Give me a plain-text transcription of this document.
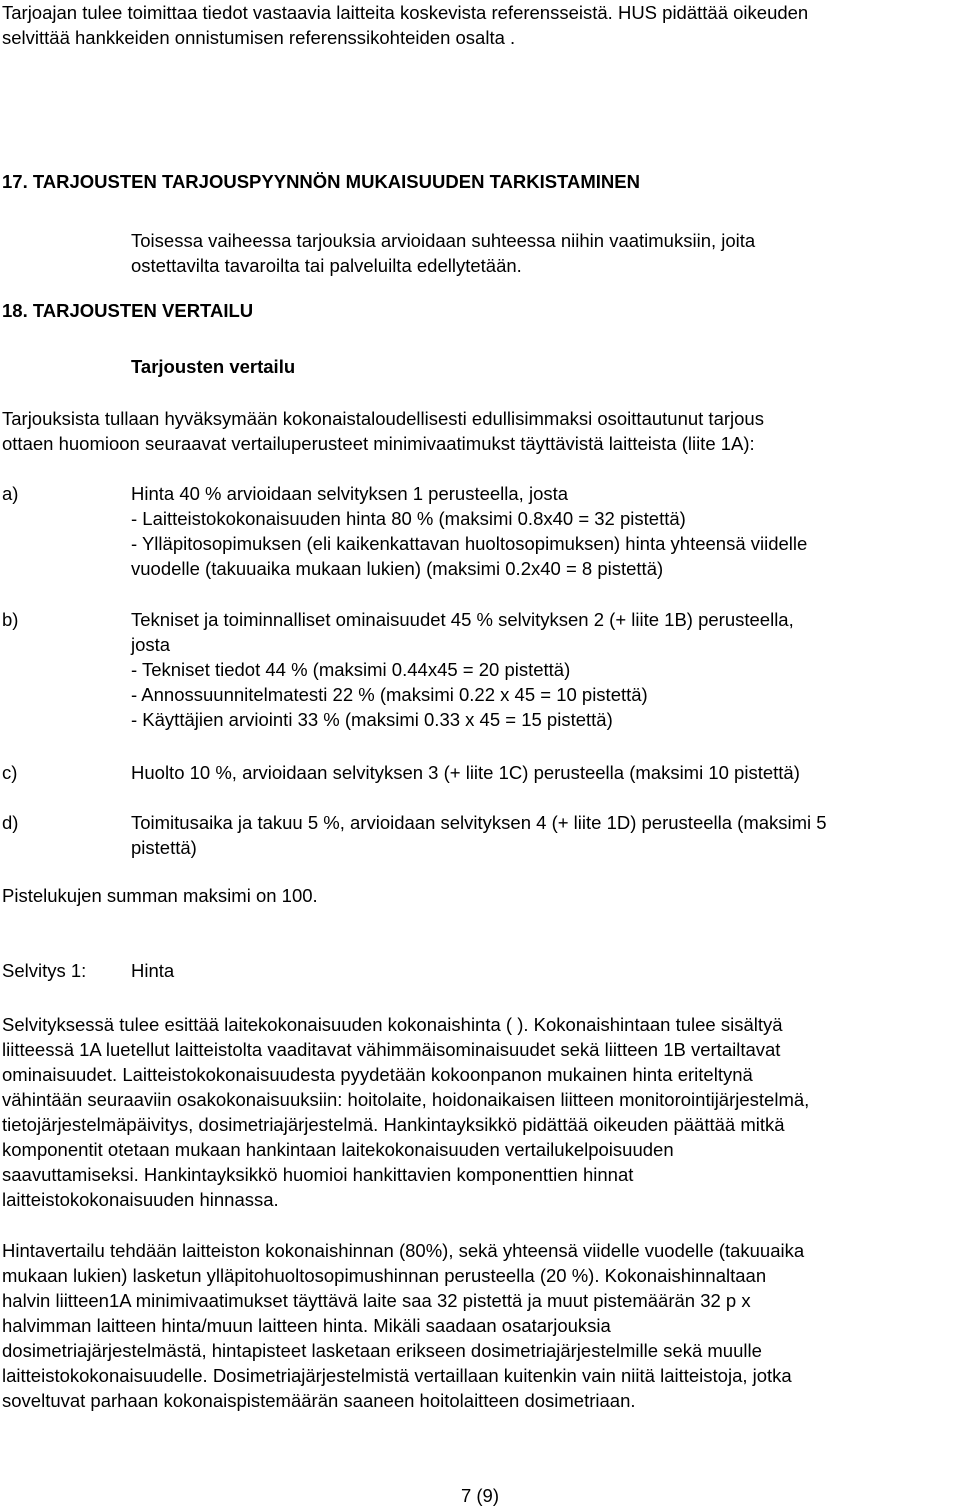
Tarjoajan tulee toimittaa tiedot vastaavia laitteita koskevista referensseistä. HUS pidättää oikeuden
selvittää hankkeiden onnistumisen referenssikohteiden osalta .
17. TARJOUSTEN TARJOUSPYYNNÖN MUKAISUUDEN TARKISTAMINEN
Toisessa vaiheessa tarjouksia arvioidaan suhteessa niihin vaatimuksiin, joita
ostettavilta tavaroilta tai palveluilta edellytetään.
18. TARJOUSTEN VERTAILU
Tarjousten vertailu
Tarjouksista tullaan hyväksymään kokonaistaloudellisesti edullisimmaksi osoittautunut tarjous
ottaen huomioon seuraavat vertailuperusteet minimivaatimukst täyttävistä laitteista (liite 1A):
a)	Hinta 40 % arvioidaan selvityksen 1 perusteella, josta
- Laitteistokokonaisuuden hinta 80 % (maksimi 0.8x40 = 32 pistettä)
- Ylläpitosopimuksen (eli kaikenkattavan huoltosopimuksen) hinta yhteensä viidelle
vuodelle (takuuaika mukaan lukien) (maksimi 0.2x40 = 8 pistettä)
b)	Tekniset ja toiminnalliset ominaisuudet 45 % selvityksen 2 (+ liite 1B) perusteella,
josta
- Tekniset tiedot 44 % (maksimi 0.44x45 = 20 pistettä)
- Annossuunnitelmatesti 22 % (maksimi 0.22 x 45 = 10 pistettä)
- Käyttäjien arviointi 33 % (maksimi 0.33 x 45 = 15 pistettä)
c)	Huolto 10 %, arvioidaan selvityksen 3 (+ liite 1C) perusteella (maksimi 10 pistettä)
d)	Toimitusaika ja takuu 5 %, arvioidaan selvityksen 4 (+ liite 1D) perusteella (maksimi 5
pistettä)
Pistelukujen summan maksimi on 100.
Selvitys 1: Hinta
Selvityksessä tulee esittää laitekokonaisuuden kokonaishinta ( ). Kokonaishintaan tulee sisältyä
liitteessä 1A luetellut laitteistolta vaaditavat vähimmäisominaisuudet sekä liitteen 1B vertailtavat
ominaisuudet. Laitteistokokonaisuudesta pyydetään kokoonpanon mukainen hinta eriteltynä
vähintään seuraaviin osakokonaisuuksiin: hoitolaite, hoidonaikaisen liitteen monitorointijärjestelmä,
tietojärjestelmäpäivitys, dosimetriajärjestelmä. Hankintayksikkö pidättää oikeuden päättää mitkä
komponentit otetaan mukaan hankintaan laitekokonaisuuden vertailukelpoisuuden
saavuttamiseksi. Hankintayksikkö huomioi hankittavien komponenttien hinnat
laitteistokokonaisuuden hinnassa.
Hintavertailu tehdään laitteiston kokonaishinnan (80%), sekä yhteensä viidelle vuodelle (takuuaika
mukaan lukien) lasketun ylläpitohuoltosopimushinnan perusteella (20 %). Kokonaishinnaltaan
halvin liitteen1A minimivaatimukset täyttävä laite saa 32 pistettä ja muut pistemäärän 32 p x
halvimman laitteen hinta/muun laitteen hinta. Mikäli saadaan osatarjouksia
dosimetriajärjestelmästä, hintapisteet lasketaan erikseen dosimetriajärjestelmille sekä muulle
laitteistokokonaisuudelle. Dosimetriajärjestelmistä vertaillaan kuitenkin vain niitä laitteistoja, jotka
soveltuvat parhaan kokonaispistemäärän saaneen hoitolaitteen dosimetriaan.
7 (9)
